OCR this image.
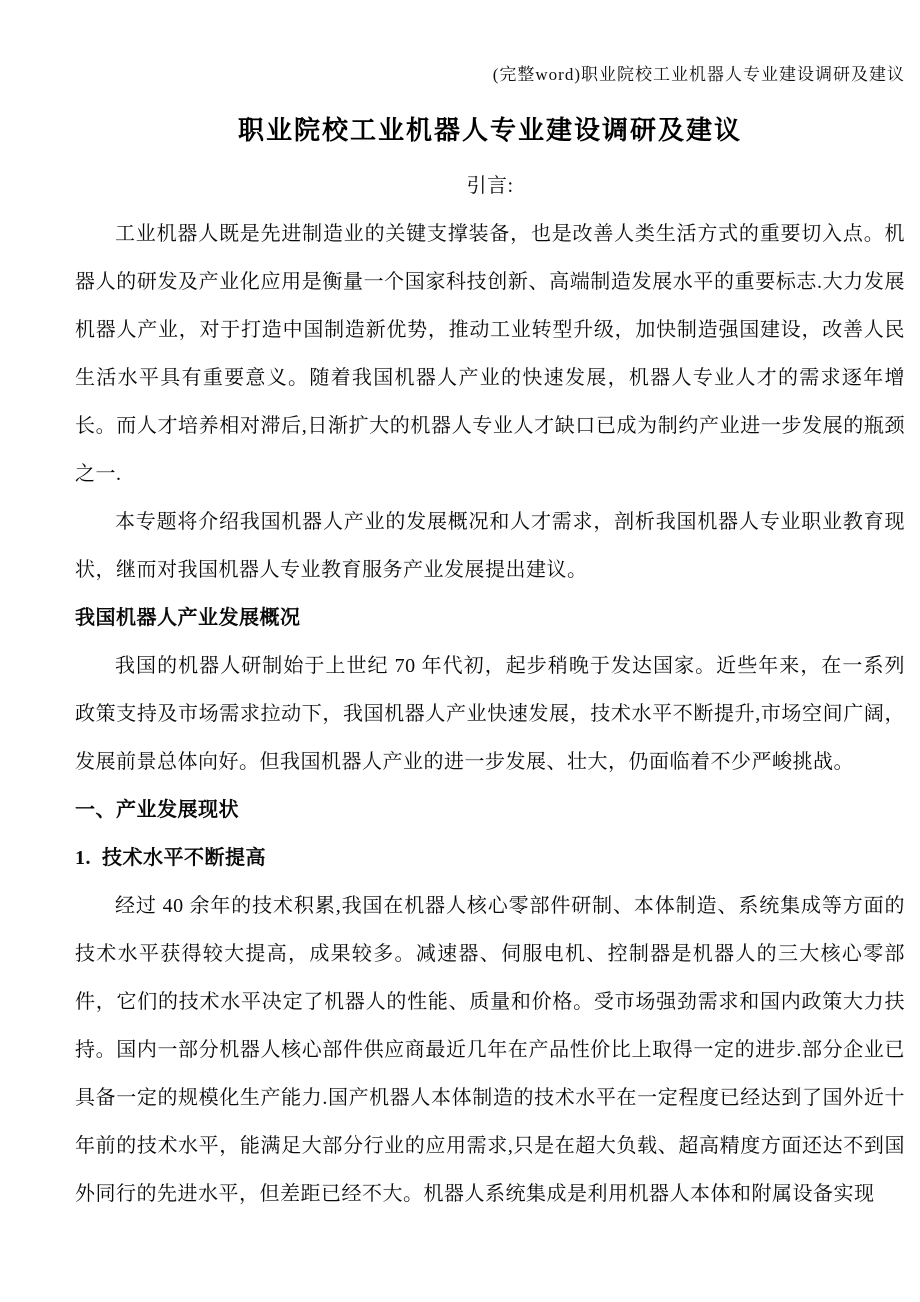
(完整word)职业院校工业机器人专业建设调研及建议
职业院校工业机器人专业建设调研及建议

引言:

工业机器人既是先进制造业的关键支撑装备，也是改善人类生活方式的重要切入点。机器人的研发及产业化应用是衡量一个国家科技创新、高端制造发展水平的重要标志.大力发展机器人产业，对于打造中国制造新优势，推动工业转型升级，加快制造强国建设，改善人民生活水平具有重要意义。随着我国机器人产业的快速发展，机器人专业人才的需求逐年增长。而人才培养相对滞后,日渐扩大的机器人专业人才缺口已成为制约产业进一步发展的瓶颈之一.

本专题将介绍我国机器人产业的发展概况和人才需求，剖析我国机器人专业职业教育现状，继而对我国机器人专业教育服务产业发展提出建议。

我国机器人产业发展概况

我国的机器人研制始于上世纪 70 年代初，起步稍晚于发达国家。近些年来，在一系列政策支持及市场需求拉动下，我国机器人产业快速发展，技术水平不断提升,市场空间广阔，发展前景总体向好。但我国机器人产业的进一步发展、壮大，仍面临着不少严峻挑战。

一、产业发展现状
1.  技术水平不断提高

经过 40 余年的技术积累,我国在机器人核心零部件研制、本体制造、系统集成等方面的技术水平获得较大提高，成果较多。减速器、伺服电机、控制器是机器人的三大核心零部件，它们的技术水平决定了机器人的性能、质量和价格。受市场强劲需求和国内政策大力扶持。国内一部分机器人核心部件供应商最近几年在产品性价比上取得一定的进步.部分企业已具备一定的规模化生产能力.国产机器人本体制造的技术水平在一定程度已经达到了国外近十年前的技术水平，能满足大部分行业的应用需求,只是在超大负载、超高精度方面还达不到国外同行的先进水平，但差距已经不大。机器人系统集成是利用机器人本体和附属设备实现
